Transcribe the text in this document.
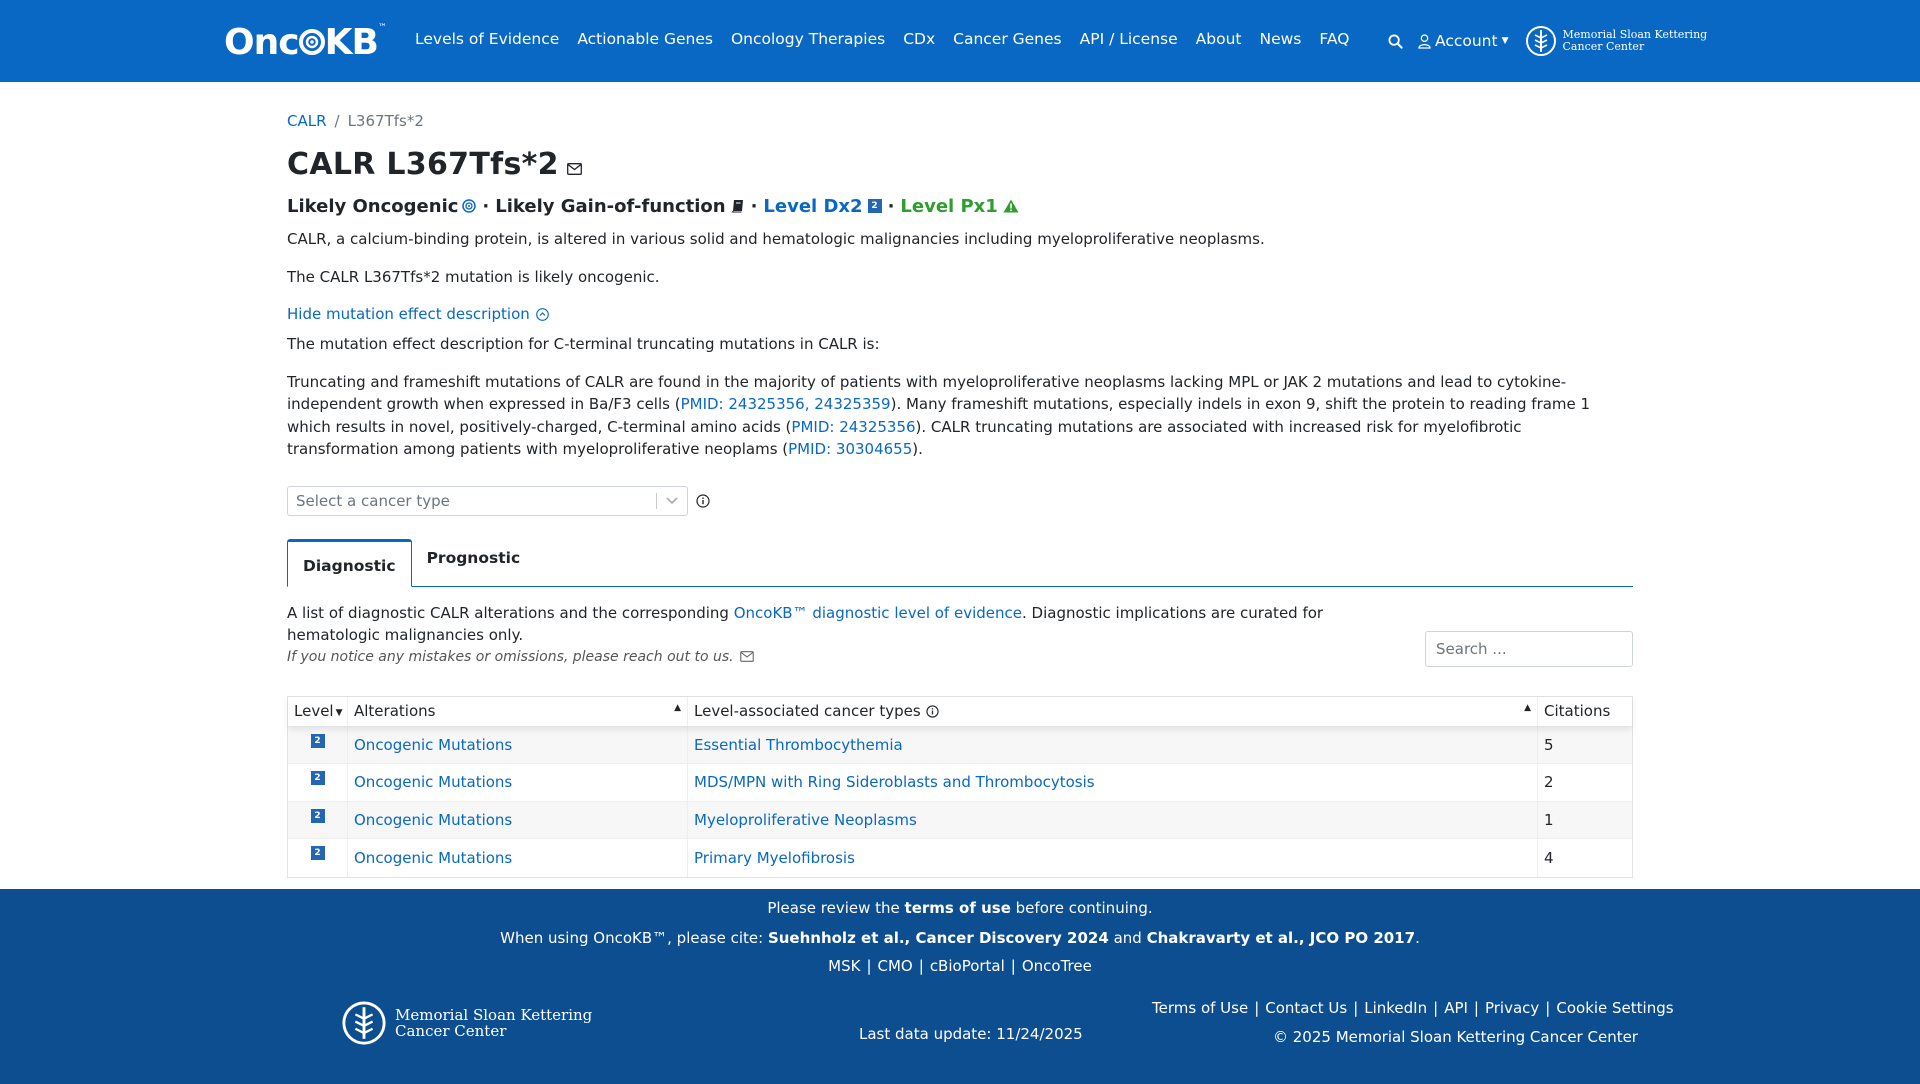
Onc KB ™
Levels of Evidence Actionable Genes Oncology Therapies CDx Cancer Genes API / License About News FAQ	Account ▼	Memorial Sloan Kettering
Cancer Center
CALR / L367Tfs*2
CALR L367Tfs*2
Likely Oncogenic · Likely Gain-of-function · Level Dx2 2 · Level Px1

CALR, a calcium-binding protein, is altered in various solid and hematologic malignancies including myeloproliferative neoplasms.

The CALR L367Tfs*2 mutation is likely oncogenic.

Hide mutation effect description

The mutation effect description for C-terminal truncating mutations in CALR is:

Truncating and frameshift mutations of CALR are found in the majority of patients with myeloproliferative neoplasms lacking MPL or JAK 2 mutations and lead to cytokine-independent growth when expressed in Ba/F3 cells (PMID: 24325356, 24325359). Many frameshift mutations, especially indels in exon 9, shift the protein to reading frame 1 which results in novel, positively-charged, C-terminal amino acids (PMID: 24325356). CALR truncating mutations are associated with increased risk for myelofibrotic transformation among patients with myeloproliferative neoplams (PMID: 30304655).

Select a cancer type
Diagnostic	Prognostic

A list of diagnostic CALR alterations and the corresponding OncoKB™ diagnostic level of evidence. Diagnostic implications are curated for hematologic malignancies only.

If you notice any mistakes or omissions, please reach out to us.
Search ...
Level ▼ Alterations	▲ Level-associated cancer types	▲ Citations
2 Oncogenic Mutations	Essential Thrombocythemia	5
2 Oncogenic Mutations	MDS/MPN with Ring Sideroblasts and Thrombocytosis	2
2 Oncogenic Mutations	Myeloproliferative Neoplasms	1
2 Oncogenic Mutations	Primary Myelofibrosis	4
Please review the terms of use before continuing.
When using OncoKB™, please cite: Suehnholz et al., Cancer Discovery 2024 and Chakravarty et al., JCO PO 2017.
MSK | CMO | cBioPortal | OncoTree
Memorial Sloan Kettering
Cancer Center	Last data update: 11/24/2025
Terms of Use | Contact Us | LinkedIn | API | Privacy | Cookie Settings
© 2025 Memorial Sloan Kettering Cancer Center
